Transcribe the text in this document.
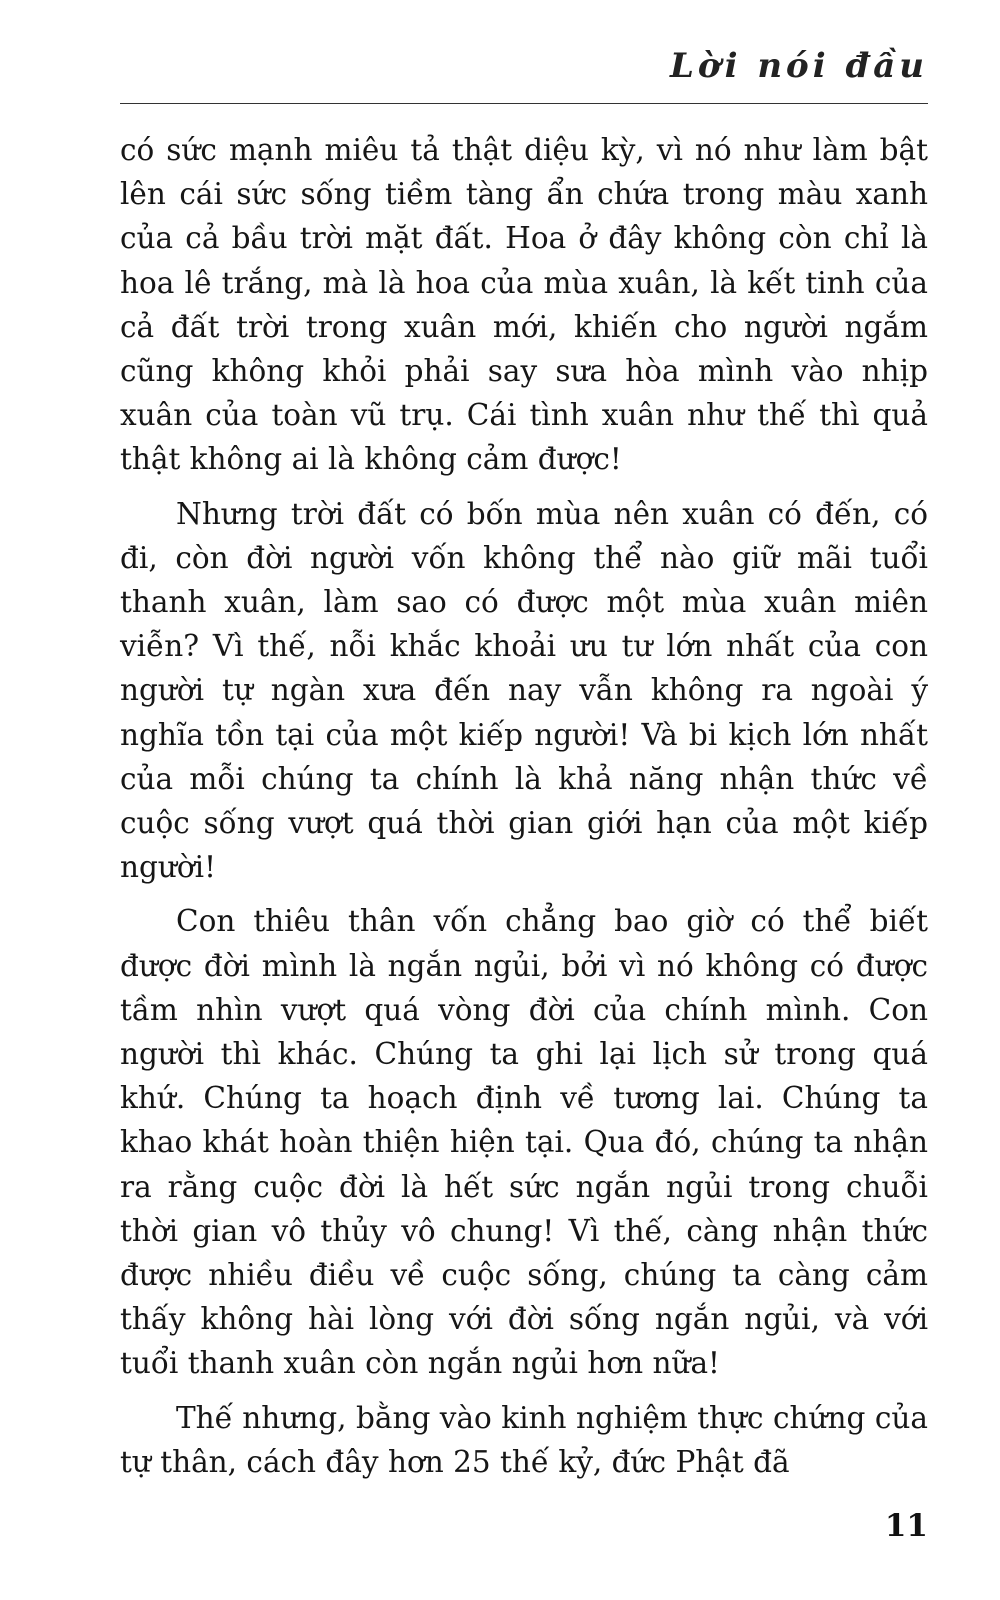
Lời nói đầu

có sức mạnh miêu tả thật diệu kỳ, vì nó như làm bật lên cái sức sống tiềm tàng ẩn chứa trong màu xanh của cả bầu trời mặt đất. Hoa ở đây không còn chỉ là hoa lê trắng, mà là hoa của mùa xuân, là kết tinh của cả đất trời trong xuân mới, khiến cho người ngắm cũng không khỏi phải say sưa hòa mình vào nhịp xuân của toàn vũ trụ. Cái tình xuân như thế thì quả thật không ai là không cảm được!

Nhưng trời đất có bốn mùa nên xuân có đến, có đi, còn đời người vốn không thể nào giữ mãi tuổi thanh xuân, làm sao có được một mùa xuân miên viễn? Vì thế, nỗi khắc khoải ưu tư lớn nhất của con người tự ngàn xưa đến nay vẫn không ra ngoài ý nghĩa tồn tại của một kiếp người! Và bi kịch lớn nhất của mỗi chúng ta chính là khả năng nhận thức về cuộc sống vượt quá thời gian giới hạn của một kiếp người!

Con thiêu thân vốn chẳng bao giờ có thể biết được đời mình là ngắn ngủi, bởi vì nó không có được tầm nhìn vượt quá vòng đời của chính mình. Con người thì khác. Chúng ta ghi lại lịch sử trong quá khứ. Chúng ta hoạch định về tương lai. Chúng ta khao khát hoàn thiện hiện tại. Qua đó, chúng ta nhận ra rằng cuộc đời là hết sức ngắn ngủi trong chuỗi thời gian vô thủy vô chung! Vì thế, càng nhận thức được nhiều điều về cuộc sống, chúng ta càng cảm thấy không hài lòng với đời sống ngắn ngủi, và với tuổi thanh xuân còn ngắn ngủi hơn nữa!

Thế nhưng, bằng vào kinh nghiệm thực chứng của tự thân, cách đây hơn 25 thế kỷ, đức Phật đã

11
